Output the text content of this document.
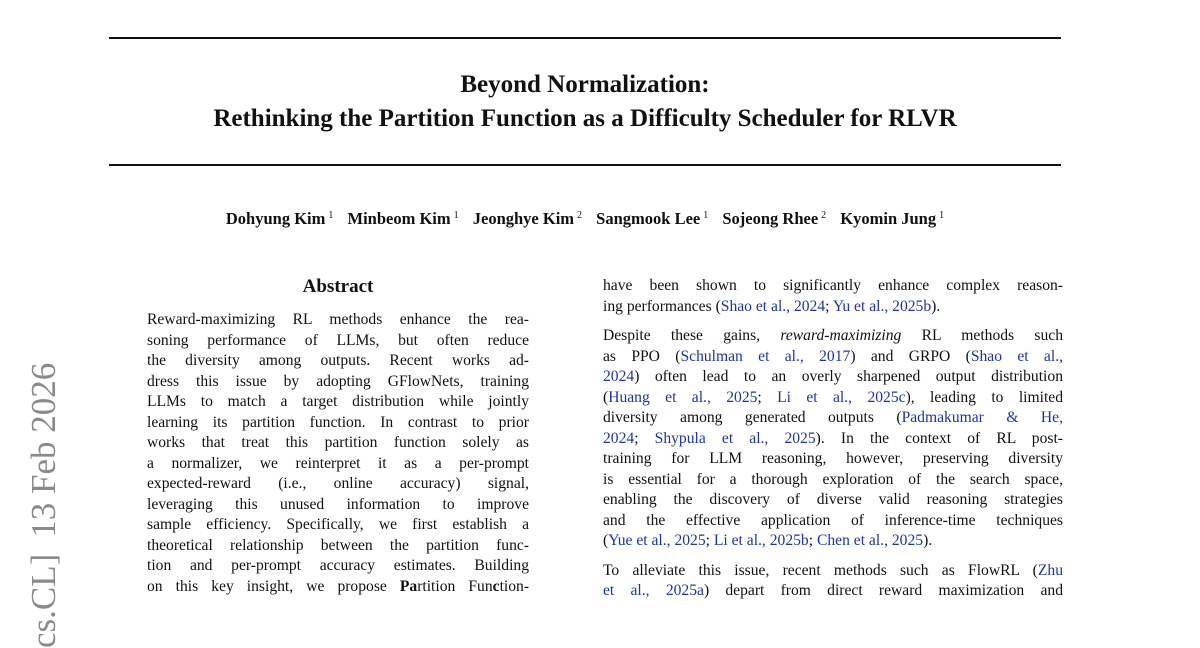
Beyond Normalization:
Rethinking the Partition Function as a Difficulty Scheduler for RLVR
Dohyung Kim $^1$ Minbeom Kim $^1$ Jeonghye Kim $^2$ Sangmook Lee $^1$ Sojeong Rhee $^2$ Kyomin Jung $^1$
cs.CL]13 Feb 2026
Abstract
Reward-maximizing RL methods enhance the rea-
soning performance of LLMs, but often reduce
the diversity among outputs. Recent works ad-
dress this issue by adopting GFlowNets, training
LLMs to match a target distribution while jointly
learning its partition function. In contrast to prior
works that treat this partition function solely as
a normalizer, we reinterpret it as a per-prompt
expected-reward (i.e., online accuracy) signal,
leveraging this unused information to improve
sample efficiency. Specifically, we first establish a
theoretical relationship between the partition func-
tion and per-prompt accuracy estimates. Building
on this key insight, we propose Partition Function-
have been shown to significantly enhance complex reason-
ing performances (Shao et al., 2024; Yu et al., 2025b).
Despite these gains, reward-maximizing RL methods such
as PPO (Schulman et al., 2017) and GRPO (Shao et al.,
2024) often lead to an overly sharpened output distribution
(Huang et al., 2025; Li et al., 2025c), leading to limited
diversity among generated outputs (Padmakumar & He,
2024; Shypula et al., 2025). In the context of RL post-
training for LLM reasoning, however, preserving diversity
is essential for a thorough exploration of the search space,
enabling the discovery of diverse valid reasoning strategies
and the effective application of inference-time techniques
(Yue et al., 2025; Li et al., 2025b; Chen et al., 2025).
To alleviate this issue, recent methods such as FlowRL (Zhu
et al., 2025a) depart from direct reward maximization and
